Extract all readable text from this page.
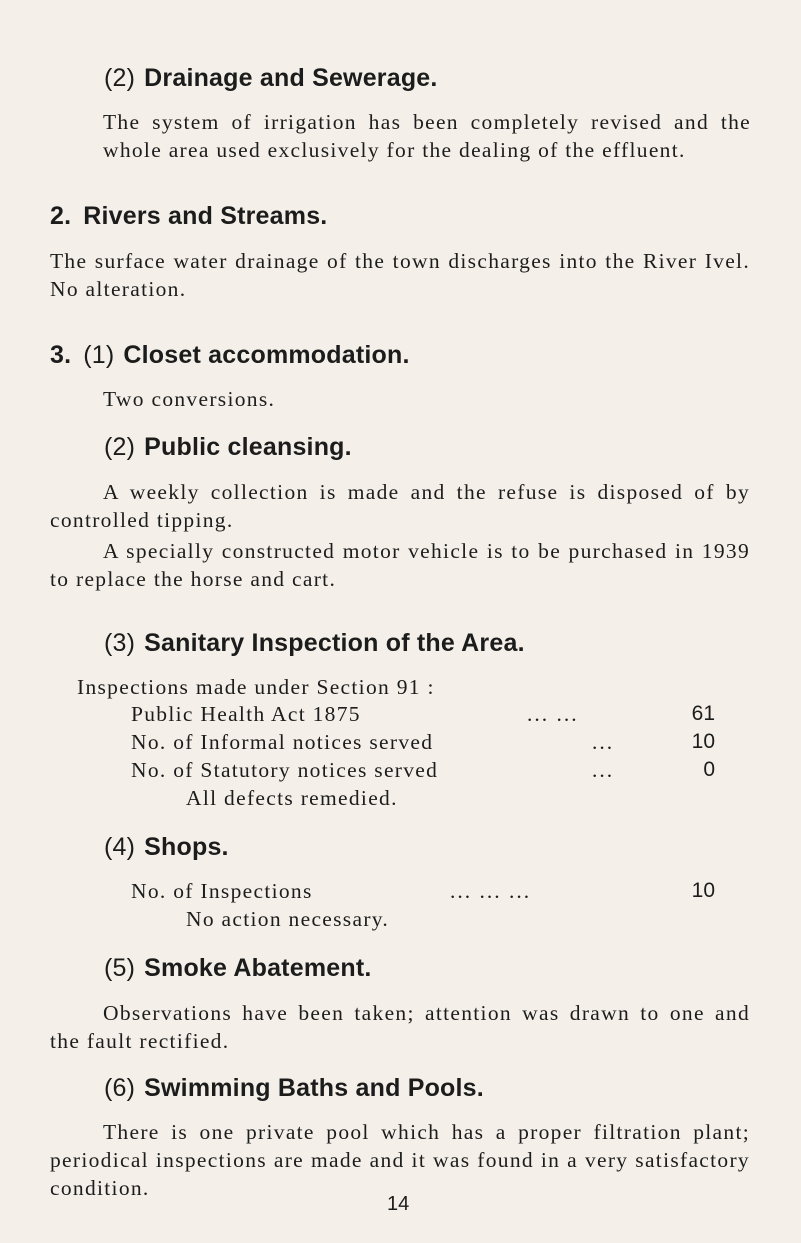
(2) Drainage and Sewerage.

The system of irrigation has been completely revised and the whole area used exclusively for the dealing of the effluent.

2. Rivers and Streams.

The surface water drainage of the town discharges into the River Ivel. No alteration.

3. (1) Closet accommodation.
Two conversions.
(2) Public cleansing.

A weekly collection is made and the refuse is disposed of by controlled tipping.

A specially constructed motor vehicle is to be purchased in 1939 to replace the horse and cart.

(3) Sanitary Inspection of the Area.
Inspections made under Section 91 :
Public Health Act 1875	... ...	61
No. of Informal notices served	...	10
No. of Statutory notices served	...	0
All defects remedied.
(4) Shops.
No. of Inspections	... ... ...	10
No action necessary.
(5) Smoke Abatement.

Observations have been taken; attention was drawn to one and the fault rectified.

(6) Swimming Baths and Pools.

There is one private pool which has a proper filtration plant; periodical inspections are made and it was found in a very satisfactory condition.

14
